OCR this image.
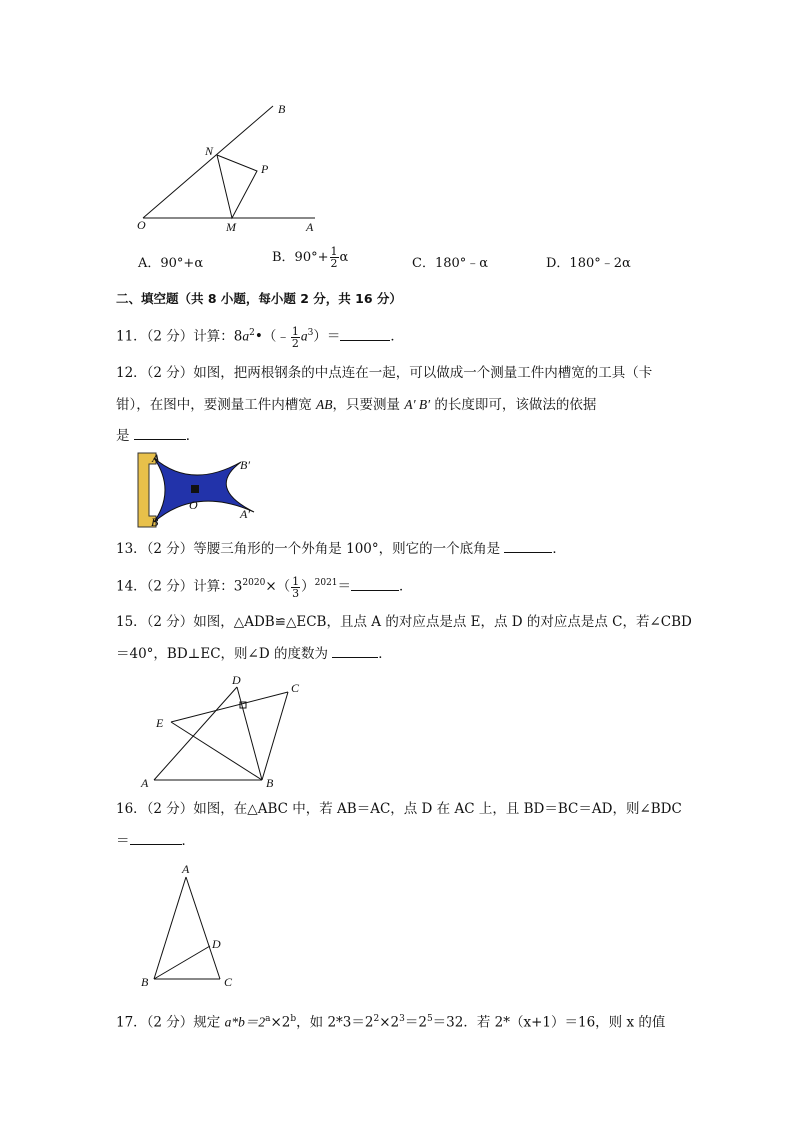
B
N
P
O	M	A
A．90°+α	B．$90^\circ+ \frac{1}{2}$ α	C．180°﹣α	D．180°﹣2α
二、填空题（共 8 小题，每小题 2 分，共 16 分）
11．（2 分）计算：$8a^2•(﹣ \frac{1}{2} a^3)=$	．
12．（2 分）如图，把两根钢条的中点连在一起，可以做成一个测量工件内槽宽的工具（卡
钳），在图中，要测量工件内槽宽 AB，只要测量 A′ B′ 的长度即可，该做法的依据
是	．
A
B
O
B′
A′
13．（2 分）等腰三角形的一个外角是 100°，则它的一个底角是	．
14．（2 分）计算：$3^{2020}\times( \frac{1}{3} )^{2021}=$	．
15．（2 分）如图，△ADB≌△ECB，且点 A 的对应点是点 E，点 D 的对应点是点 C，若∠CBD
＝40°，BD⊥EC，则∠D 的度数为	．
D
C
E
A	B
16．（2 分）如图，在△ABC 中，若 AB＝AC，点 D 在 AC 上，且 BD＝BC＝AD，则∠BDC
＝	．
A
D
B	C
17．（2 分）规定 $a*b=2^a\times 2^b$，如 $2*3=2^2\times 2^3=2^5=32$．若 2*（x+1）＝16，则 x 的值
